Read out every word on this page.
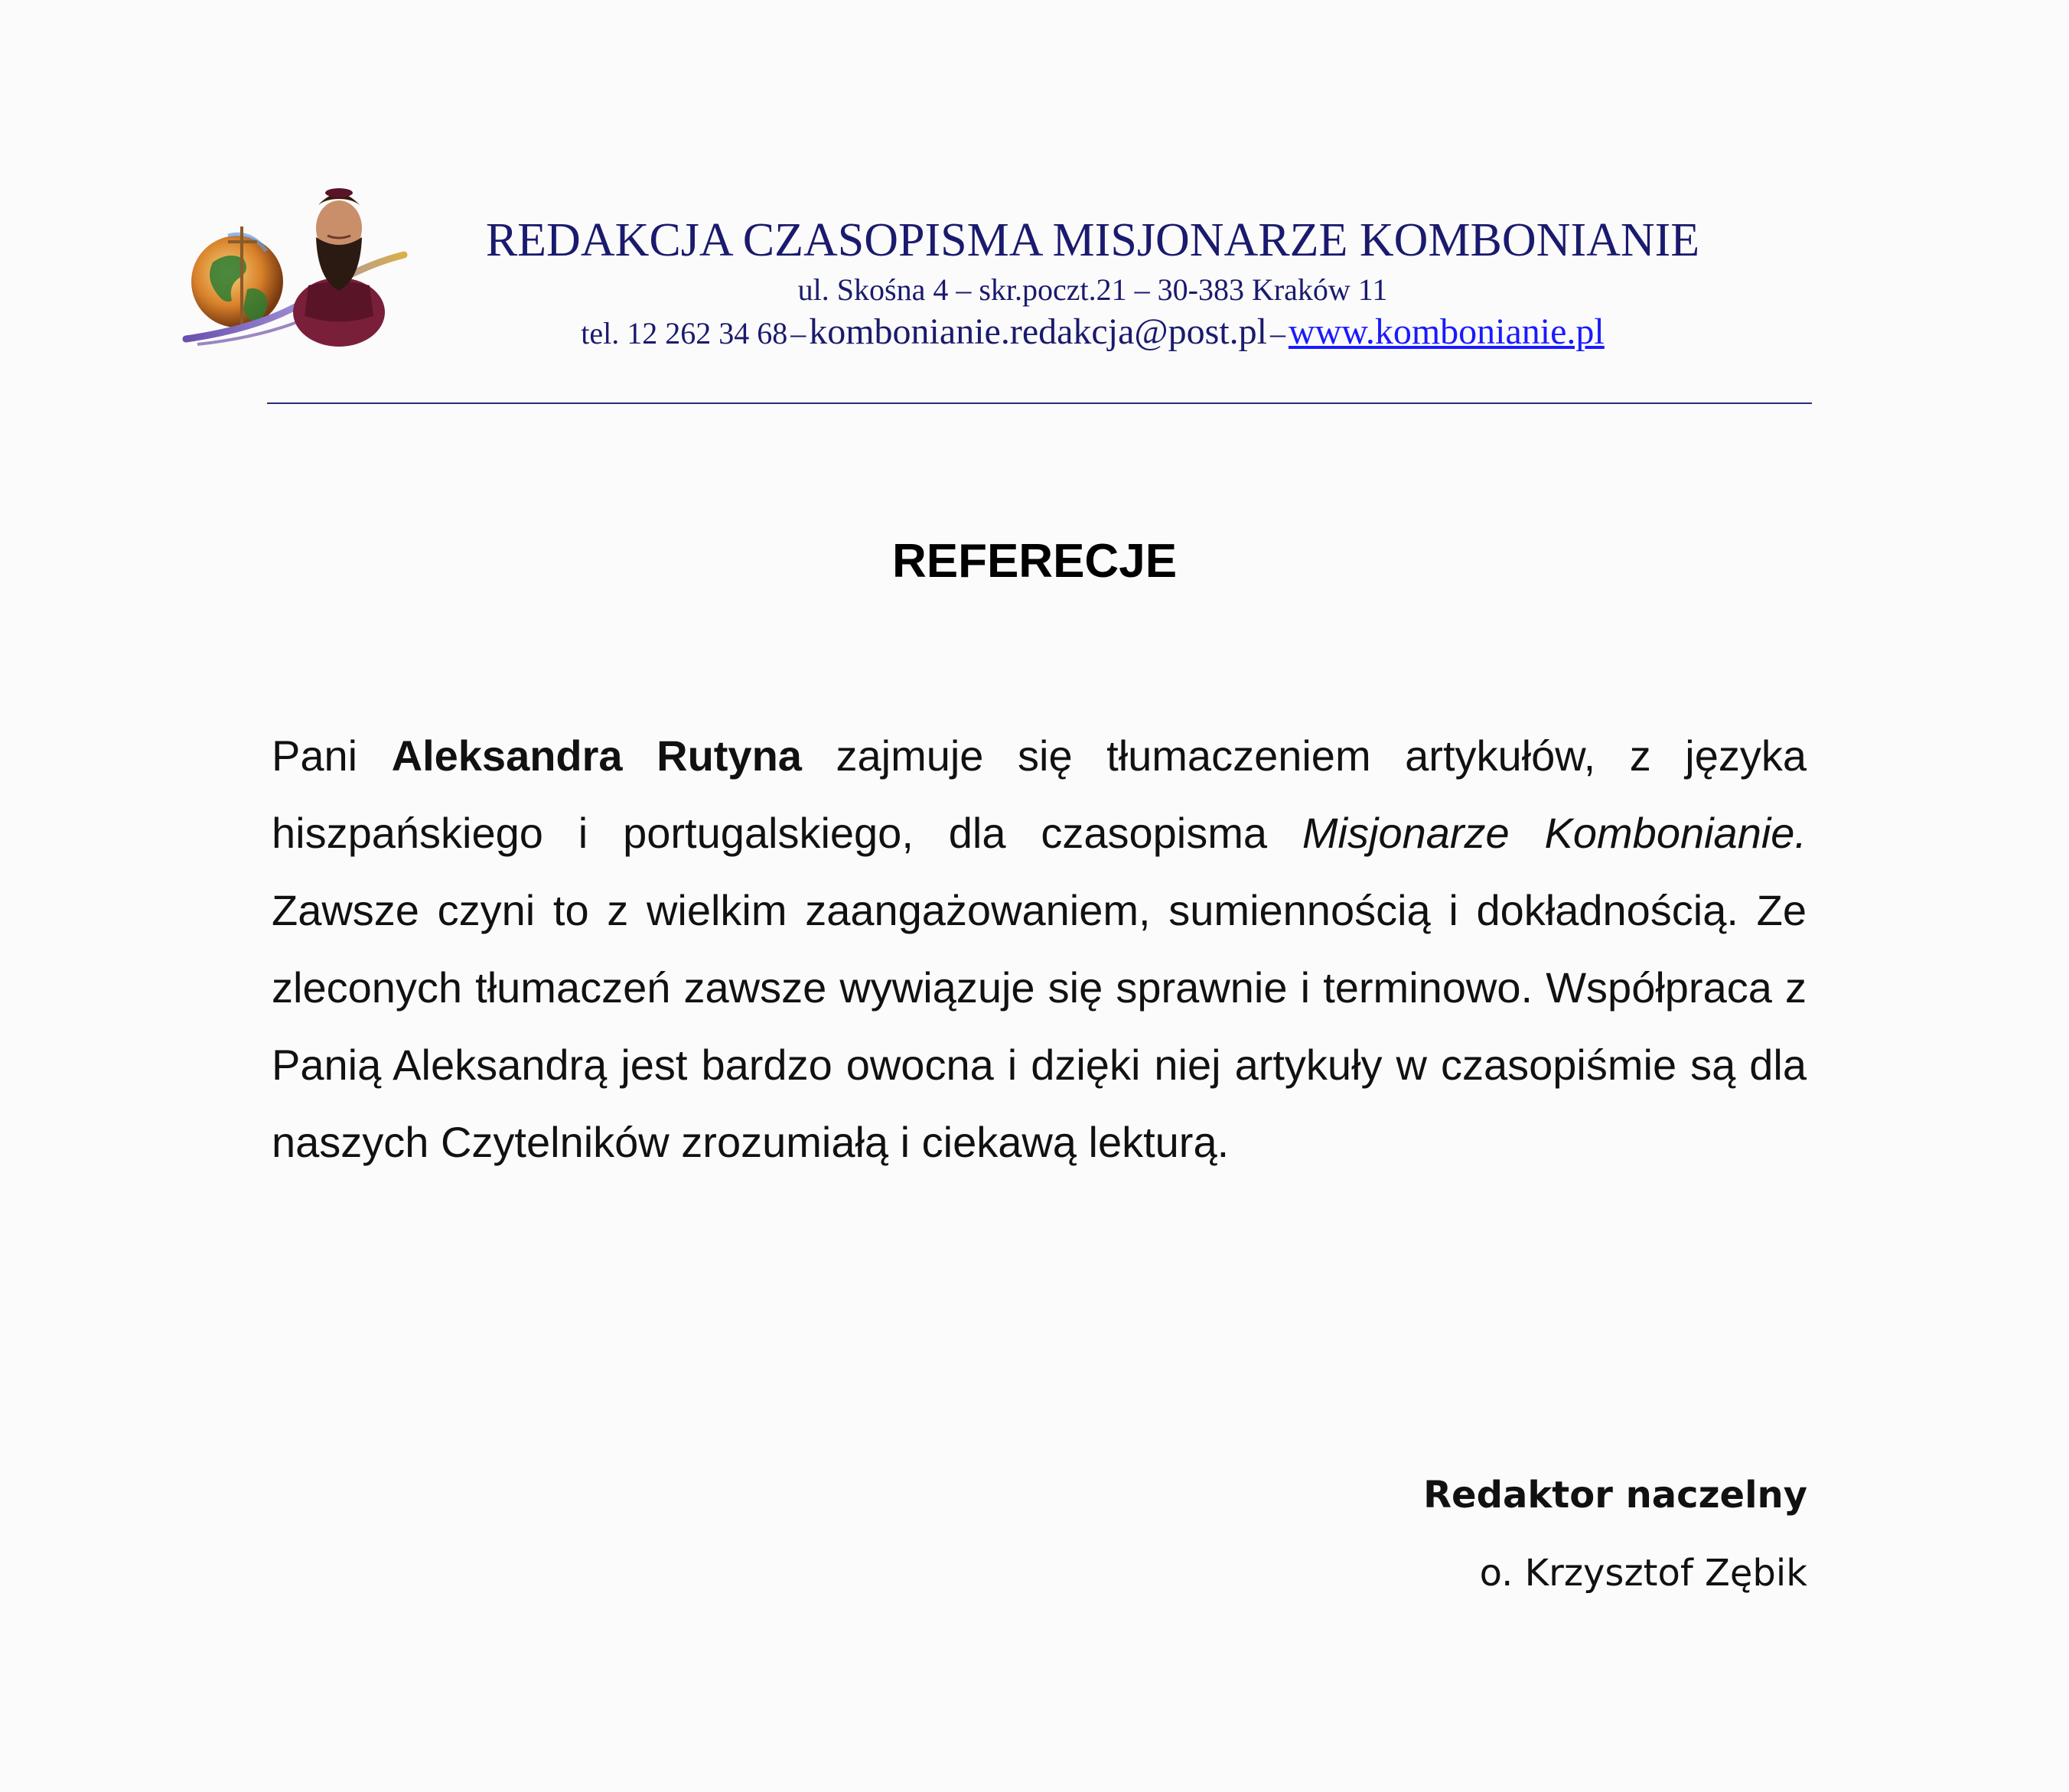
REDAKCJA CZASOPISMA MISJONARZE KOMBONIANIE
ul. Skośna 4 – skr.poczt.21 – 30-383 Kraków 11
tel. 12 262 34 68 – kombonianie.redakcja@post.pl – www.kombonianie.pl
REFERECJE

Pani Aleksandra Rutyna zajmuje się tłumaczeniem artykułów, z języka hiszpańskiego i portugalskiego, dla czasopisma Misjonarze Kombonianie. Zawsze czyni to z wielkim zaangażowaniem, sumiennością i dokładnością. Ze zleconych tłumaczeń zawsze wywiązuje się sprawnie i terminowo. Współpraca z Panią Aleksandrą jest bardzo owocna i dzięki niej artykuły w czasopiśmie są dla naszych Czytelników zrozumiałą i ciekawą lekturą.

Redaktor naczelny
o. Krzysztof Zębik
